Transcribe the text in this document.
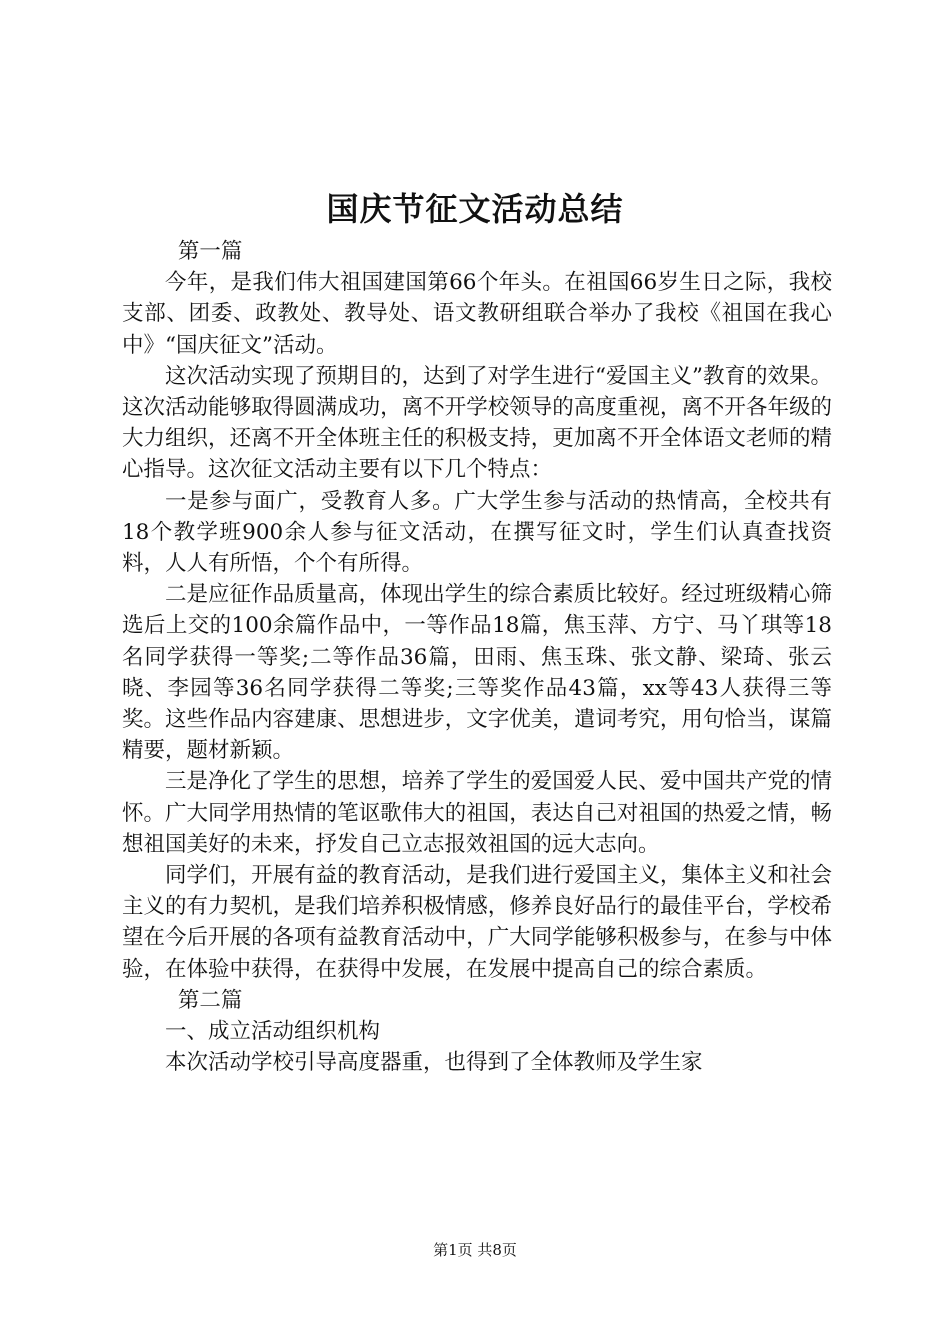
国庆节征文活动总结

第一篇

今年，是我们伟大祖国建国第66个年头。在祖国66岁生日之际，我校支部、团委、政教处、教导处、语文教研组联合举办了我校《祖国在我心中》“国庆征文”活动。

这次活动实现了预期目的，达到了对学生进行“爱国主义”教育的效果。这次活动能够取得圆满成功，离不开学校领导的高度重视，离不开各年级的大力组织，还离不开全体班主任的积极支持，更加离不开全体语文老师的精心指导。这次征文活动主要有以下几个特点：

一是参与面广，受教育人多。广大学生参与活动的热情高，全校共有18个教学班900余人参与征文活动，在撰写征文时，学生们认真查找资料，人人有所悟，个个有所得。

二是应征作品质量高，体现出学生的综合素质比较好。经过班级精心筛选后上交的100余篇作品中，一等作品18篇，焦玉萍、方宁、马丫琪等18名同学获得一等奖;二等作品36篇，田雨、焦玉珠、张文静、梁琦、张云晓、李园等36名同学获得二等奖;三等奖作品43篇，xx等43人获得三等奖。这些作品内容建康、思想进步，文字优美，遣词考究，用句恰当，谋篇精要，题材新颖。

三是净化了学生的思想，培养了学生的爱国爱人民、爱中国共产党的情怀。广大同学用热情的笔讴歌伟大的祖国，表达自己对祖国的热爱之情，畅想祖国美好的未来，抒发自己立志报效祖国的远大志向。

同学们，开展有益的教育活动，是我们进行爱国主义，集体主义和社会主义的有力契机，是我们培养积极情感，修养良好品行的最佳平台，学校希望在今后开展的各项有益教育活动中，广大同学能够积极参与，在参与中体验，在体验中获得，在获得中发展，在发展中提高自己的综合素质。

第二篇

一、成立活动组织机构

本次活动学校引导高度器重，也得到了全体教师及学生家

第1页 共8页
